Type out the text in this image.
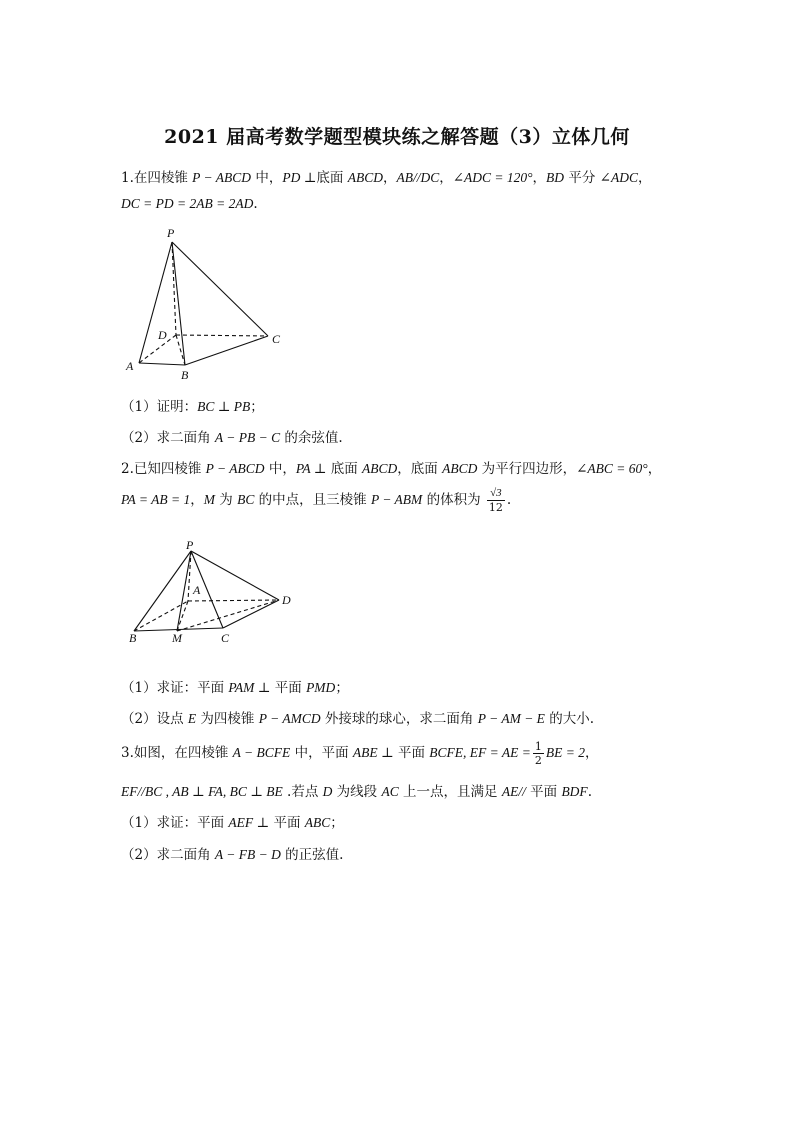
2021 届高考数学题型模块练之解答题（3）立体几何
1.在四棱锥 P − ABCD 中，PD ⊥底面 ABCD，AB//DC，∠ADC = 120°，BD 平分 ∠ADC，
DC = PD = 2AB = 2AD.
P
D
A
B
C
（1）证明：BC ⊥ PB；
（2）求二面角 A − PB − C 的余弦值.
2.已知四棱锥 P − ABCD 中，PA ⊥ 底面 ABCD，底面 ABCD 为平行四边形，∠ABC = 60°，
PA = AB = 1，M 为 BC 的中点，且三棱锥 P − ABM 的体积为 $\frac{√3}{12}$ .
P
A
D
B	M	C
（1）求证：平面 PAM ⊥ 平面 PMD；
（2）设点 E 为四棱锥 P − AMCD 外接球的球心，求二面角 P − AM − E 的大小.
3.如图，在四棱锥 A − BCFE 中，平面 ABE ⊥ 平面 BCFE, EF = AE = $\frac{1}{2}$ BE = 2，
EF//BC , AB ⊥ FA, BC ⊥ BE .若点 D 为线段 AC 上一点，且满足 AE// 平面 BDF.
（1）求证：平面 AEF ⊥ 平面 ABC；
（2）求二面角 A − FB − D 的正弦值.
